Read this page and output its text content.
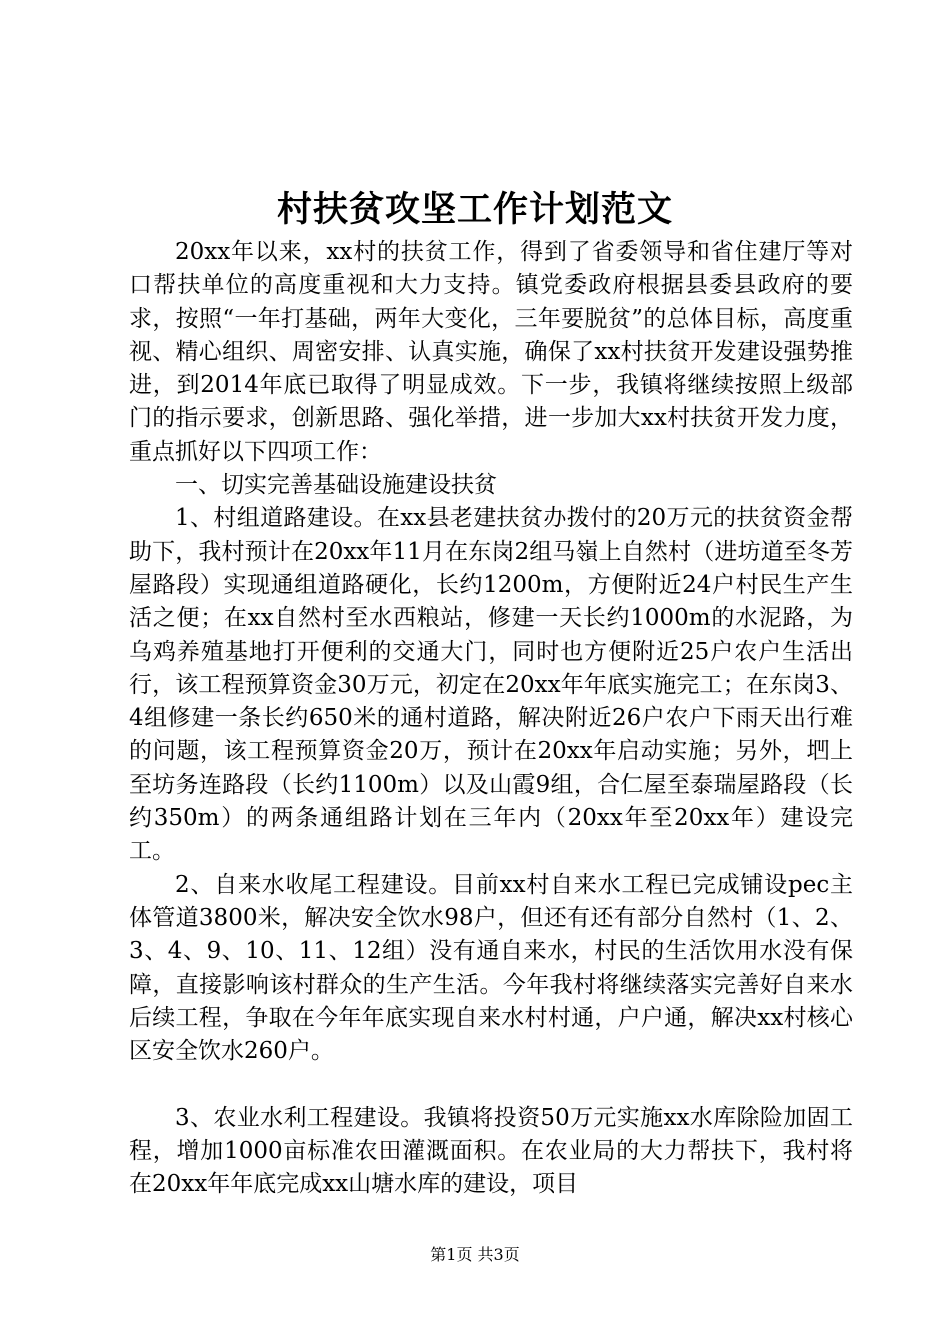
村扶贫攻坚工作计划范文

20xx年以来，xx村的扶贫工作，得到了省委领导和省住建厅等对口帮扶单位的高度重视和大力支持。镇党委政府根据县委县政府的要求，按照“一年打基础，两年大变化，三年要脱贫”的总体目标，高度重视、精心组织、周密安排、认真实施，确保了xx村扶贫开发建设强势推进，到2014年底已取得了明显成效。下一步，我镇将继续按照上级部门的指示要求，创新思路、强化举措，进一步加大xx村扶贫开发力度，重点抓好以下四项工作：

一、切实完善基础设施建设扶贫

1、村组道路建设。在xx县老建扶贫办拨付的20万元的扶贫资金帮助下，我村预计在20xx年11月在东岗2组马嶺上自然村（进坊道至冬芳屋路段）实现通组道路硬化，长约1200m，方便附近24户村民生产生活之便；在xx自然村至水西粮站，修建一天长约1000m的水泥路，为乌鸡养殖基地打开便利的交通大门，同时也方便附近25户农户生活出行，该工程预算资金30万元，初定在20xx年年底实施完工；在东岗3、4组修建一条长约650米的通村道路，解决附近26户农户下雨天出行难的问题，该工程预算资金20万，预计在20xx年启动实施；另外，垇上至坊务连路段（长约1100m）以及山霞9组，合仁屋至泰瑞屋路段（长约350m）的两条通组路计划在三年内（20xx年至20xx年）建设完工。

2、自来水收尾工程建设。目前xx村自来水工程已完成铺设pec主体管道3800米，解决安全饮水98户，但还有还有部分自然村（1、2、3、4、9、10、11、12组）没有通自来水，村民的生活饮用水没有保障，直接影响该村群众的生产生活。今年我村将继续落实完善好自来水后续工程，争取在今年年底实现自来水村村通，户户通，解决xx村核心区安全饮水260户。

3、农业水利工程建设。我镇将投资50万元实施xx水库除险加固工程，增加1000亩标准农田灌溉面积。在农业局的大力帮扶下，我村将在20xx年年底完成xx山塘水库的建设，项目

第1页 共3页
